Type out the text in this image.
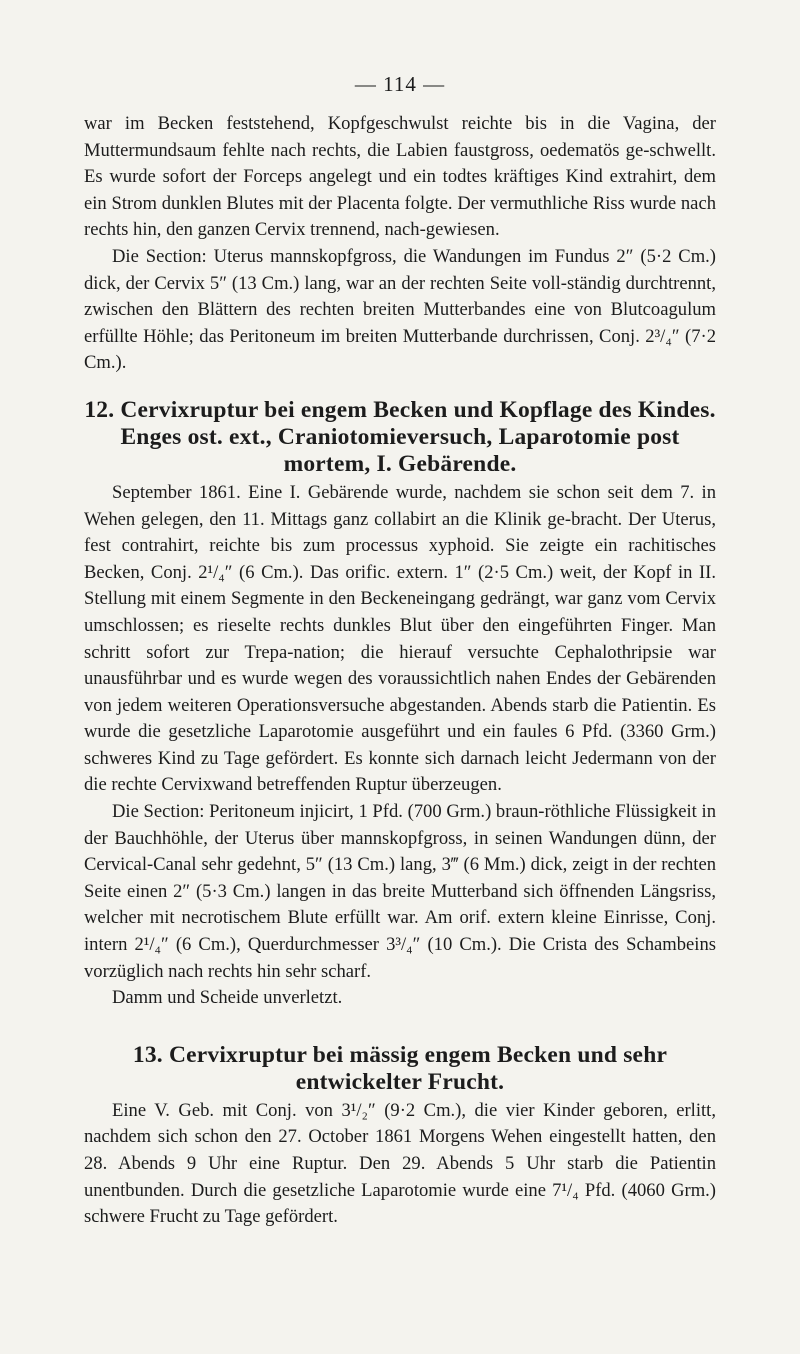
— 114 —

war im Becken feststehend, Kopfgeschwulst reichte bis in die Vagina, der Muttermundsaum fehlte nach rechts, die Labien faustgross, oedematös ge-schwellt. Es wurde sofort der Forceps angelegt und ein todtes kräftiges Kind extrahirt, dem ein Strom dunklen Blutes mit der Placenta folgte. Der vermuthliche Riss wurde nach rechts hin, den ganzen Cervix trennend, nach-gewiesen.

Die Section: Uterus mannskopfgross, die Wandungen im Fundus 2″ (5·2 Cm.) dick, der Cervix 5″ (13 Cm.) lang, war an der rechten Seite voll-ständig durchtrennt, zwischen den Blättern des rechten breiten Mutterbandes eine von Blutcoagulum erfüllte Höhle; das Peritoneum im breiten Mutterbande durchrissen, Conj. 2³/₄″ (7·2 Cm.).

12. Cervixruptur bei engem Becken und Kopflage des Kindes. Enges ost. ext., Craniotomieversuch, Laparotomie post mortem, I. Gebärende.

September 1861. Eine I. Gebärende wurde, nachdem sie schon seit dem 7. in Wehen gelegen, den 11. Mittags ganz collabirt an die Klinik ge-bracht. Der Uterus, fest contrahirt, reichte bis zum processus xyphoid. Sie zeigte ein rachitisches Becken, Conj. 2¹/₄″ (6 Cm.). Das orific. extern. 1″ (2·5 Cm.) weit, der Kopf in II. Stellung mit einem Segmente in den Beckeneingang gedrängt, war ganz vom Cervix umschlossen; es rieselte rechts dunkles Blut über den eingeführten Finger. Man schritt sofort zur Trepa-nation; die hierauf versuchte Cephalothripsie war unausführbar und es wurde wegen des voraussichtlich nahen Endes der Gebärenden von jedem weiteren Operationsversuche abgestanden. Abends starb die Patientin. Es wurde die gesetzliche Laparotomie ausgeführt und ein faules 6 Pfd. (3360 Grm.) schweres Kind zu Tage gefördert. Es konnte sich darnach leicht Jedermann von der die rechte Cervixwand betreffenden Ruptur überzeugen.

Die Section: Peritoneum injicirt, 1 Pfd. (700 Grm.) braun-röthliche Flüssigkeit in der Bauchhöhle, der Uterus über mannskopfgross, in seinen Wandungen dünn, der Cervical-Canal sehr gedehnt, 5″ (13 Cm.) lang, 3‴ (6 Mm.) dick, zeigt in der rechten Seite einen 2″ (5·3 Cm.) langen in das breite Mutterband sich öffnenden Längsriss, welcher mit necrotischem Blute erfüllt war. Am orif. extern kleine Einrisse, Conj. intern 2¹/₄″ (6 Cm.), Querdurchmesser 3³/₄″ (10 Cm.). Die Crista des Schambeins vorzüglich nach rechts hin sehr scharf.

Damm und Scheide unverletzt.

13. Cervixruptur bei mässig engem Becken und sehr entwickelter Frucht.

Eine V. Geb. mit Conj. von 3¹/₂″ (9·2 Cm.), die vier Kinder geboren, erlitt, nachdem sich schon den 27. October 1861 Morgens Wehen eingestellt hatten, den 28. Abends 9 Uhr eine Ruptur. Den 29. Abends 5 Uhr starb die Patientin unentbunden. Durch die gesetzliche Laparotomie wurde eine 7¹/₄ Pfd. (4060 Grm.) schwere Frucht zu Tage gefördert.
